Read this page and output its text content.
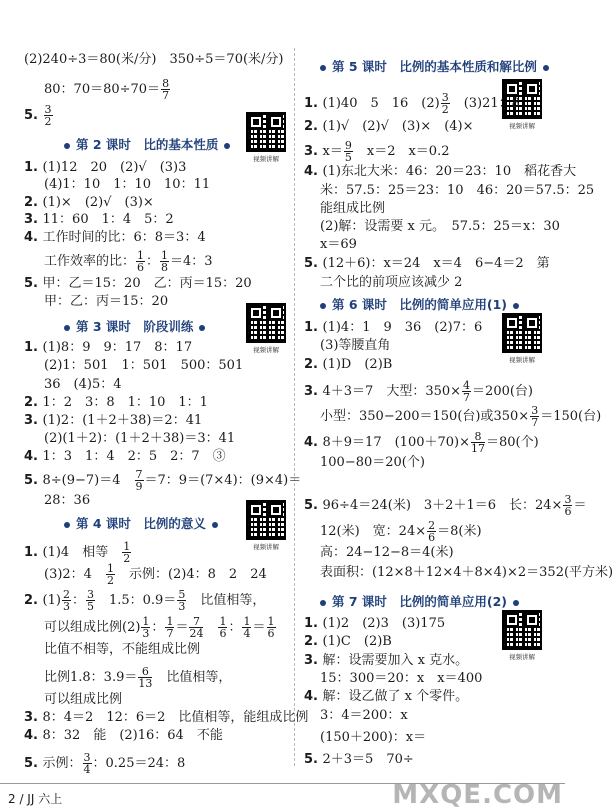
第 2 课时　比的基本性质
第 3 课时　阶段训练
第 4 课时　比例的意义
第 5 课时　比例的基本性质和解比例
第 6 课时　比例的简单应用(1)
第 7 课时　比例的简单应用(2)
视频讲解
视频讲解
视频讲解
视频讲解
视频讲解
视频讲解
2 / JJ 六上	MXQE.COM
(2)240÷3＝80(米/分)　350÷5＝70(米/分)
80：$70=80\div 70= \frac{8}{7}$
5. $\frac{3}{2}$
1. (1)12　20　(2)√　(3)3
(4)1：10　1：10　10：11
2. (1)×　(2)√　(3)×
3. 11：60　1：4　5：2
4. 工作时间的比：6：8＝3：4
工作效率的比： $\frac{1}{6}$ ： $\frac{1}{8} =4$：3
5. 甲：乙＝15：20　乙：丙＝15：20
甲：乙：丙＝15：20
1. (1)8：9　9：17　8：17
(2)1：501　1：501　500：501
36　(4)5：4
2. 1：2　3：8　1：10　1：1
3. (1)2：(1＋2＋38)＝2：41
(2)(1＋2)：(1＋2＋38)＝3：41
4. 1：3　1：4　2：5　2：7　③
5. 8÷(9−7)＝4　 $\frac{7}{9} =7$：9＝(7×4)：(9×4)＝
28：36
1. (1)4　相等　 $\frac{1}{2}$
(3)2：4　 $\frac{1}{2}$ 　示例：(2)4：8　2　24
2. $(1) \frac{2}{3}$ ： $\frac{3}{5}$ 　1.5：$0.9= \frac{5}{3}$ 　比值相等，
可以组成比例$(2) \frac{1}{3}$ ： $\frac{1}{7} = \frac{7}{24}$
　 $\frac{1}{6}$ ： $\frac{1}{4} = \frac{1}{6}$
比值不相等，不能组成比例
比例1.8：$3.9= \frac{6}{13}$ 　比值相等，
可以组成比例
3. 8：4＝2　12：6＝2　比值相等，能组成比例
4. 8：32　能　(2)16：64　不能
5. 示例： $\frac{3}{4}$ ：0.25＝24：8
1. (1)40　5　16　$(2) \frac{3}{2}$ 　(3)21：8
2. (1)√　(2)√　(3)×　(4)×
3. $x= \frac{9}{5}$ 　x＝2　x＝0.2
4. (1)东北大米：46：20＝23：10　稻花香大
米：57.5：25＝23：10　46：20＝57.5：25
能组成比例
(2)解：设需要 x 元。　57.5：25＝x：30
x＝69
5. (12＋6)：x＝24　x＝4　6−4＝2　第
二个比的前项应该减少 2
1. (1)4：1　9　36　(2)7：6
(3)等腰直角
2. (1)D　(2)B
3. 4＋3＝7　大型：$350\times \frac{4}{7} =200$(台)
小型：350−200＝150(台)或$350\times \frac{3}{7} =150$(台)
4. 8＋9＝17　$(100+70)\times \frac{8}{17} =80$(个)
100−80＝20(个)
5. 96÷4＝24(米)　3＋2＋1＝6　长：$24\times \frac{3}{6}$ ＝
12(米)　宽：$24\times \frac{2}{6} =8$(米)
高：24−12−8＝4(米)
表面积：(12×8＋12×4＋8×4)×2＝352(平方米)
1. (1)2　(2)3　(3)175
2. (1)C　(2)B
3. 解：设需要加入 x 克水。
15：300＝20：x　x＝400
4. 解：设乙做了 x 个零件。
3：4＝200：x
(150＋200)：x＝
5. 2＋3＝5　70÷
